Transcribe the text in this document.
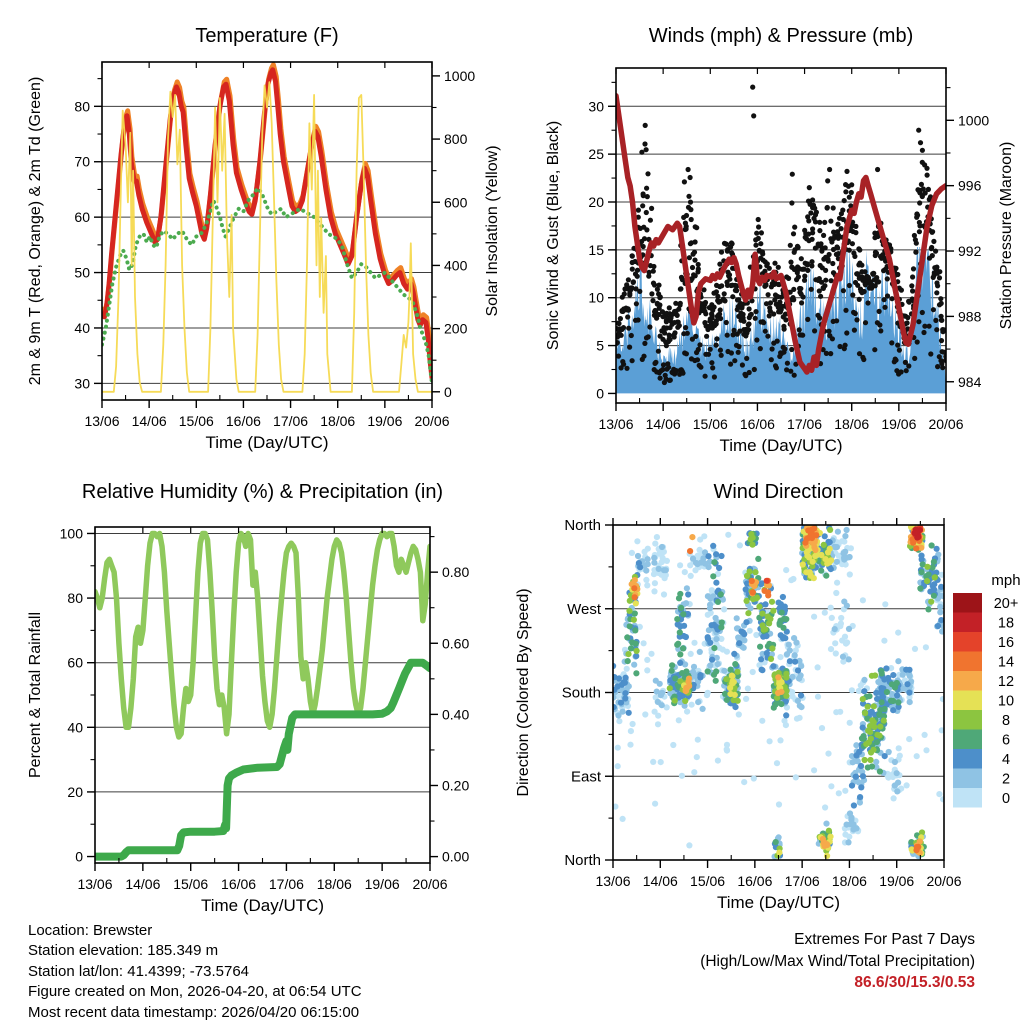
13/06 14/06 15/06 16/06 17/06 18/06 19/06 20/06
30
40
50
60
70
80
0
200
400
600
800
1000
Temperature (F)
Time (Day/UTC)
2m & 9m T (Red, Orange) & 2m Td (Green)	Solar Insolation (Yellow)
13/06 14/06 15/06 16/06 17/06 18/06 19/06 20/06
0
5
10
15
20
25
30
984
988
992
996
1000
Winds (mph) & Pressure (mb)
Time (Day/UTC)
Sonic Wind & Gust (Blue, Black)	Station Pressure (Maroon)
13/06 14/06 15/06 16/06 17/06 18/06 19/06 20/06
0
20
40
60
80
100
0.00
0.20
0.40
0.60
0.80
Relative Humidity (%) & Precipitation (in)
Time (Day/UTC)
Percent & Total Rainfall
13/06 14/06 15/06 16/06 17/06 18/06 19/06 20/06
North
East
South
West
North
Wind Direction
Time (Day/UTC)
Direction (Colored By Speed)
mph
20+
18
16
14
12
10
8
6
4
2
0
Location: Brewster
Station elevation: 185.349 m
Station lat/lon: 41.4399; -73.5764
Figure created on Mon, 2026-04-20, at 06:54 UTC
Most recent data timestamp: 2026/04/20 06:15:00
Extremes For Past 7 Days
(High/Low/Max Wind/Total Precipitation)
86.6/30/15.3/0.53
